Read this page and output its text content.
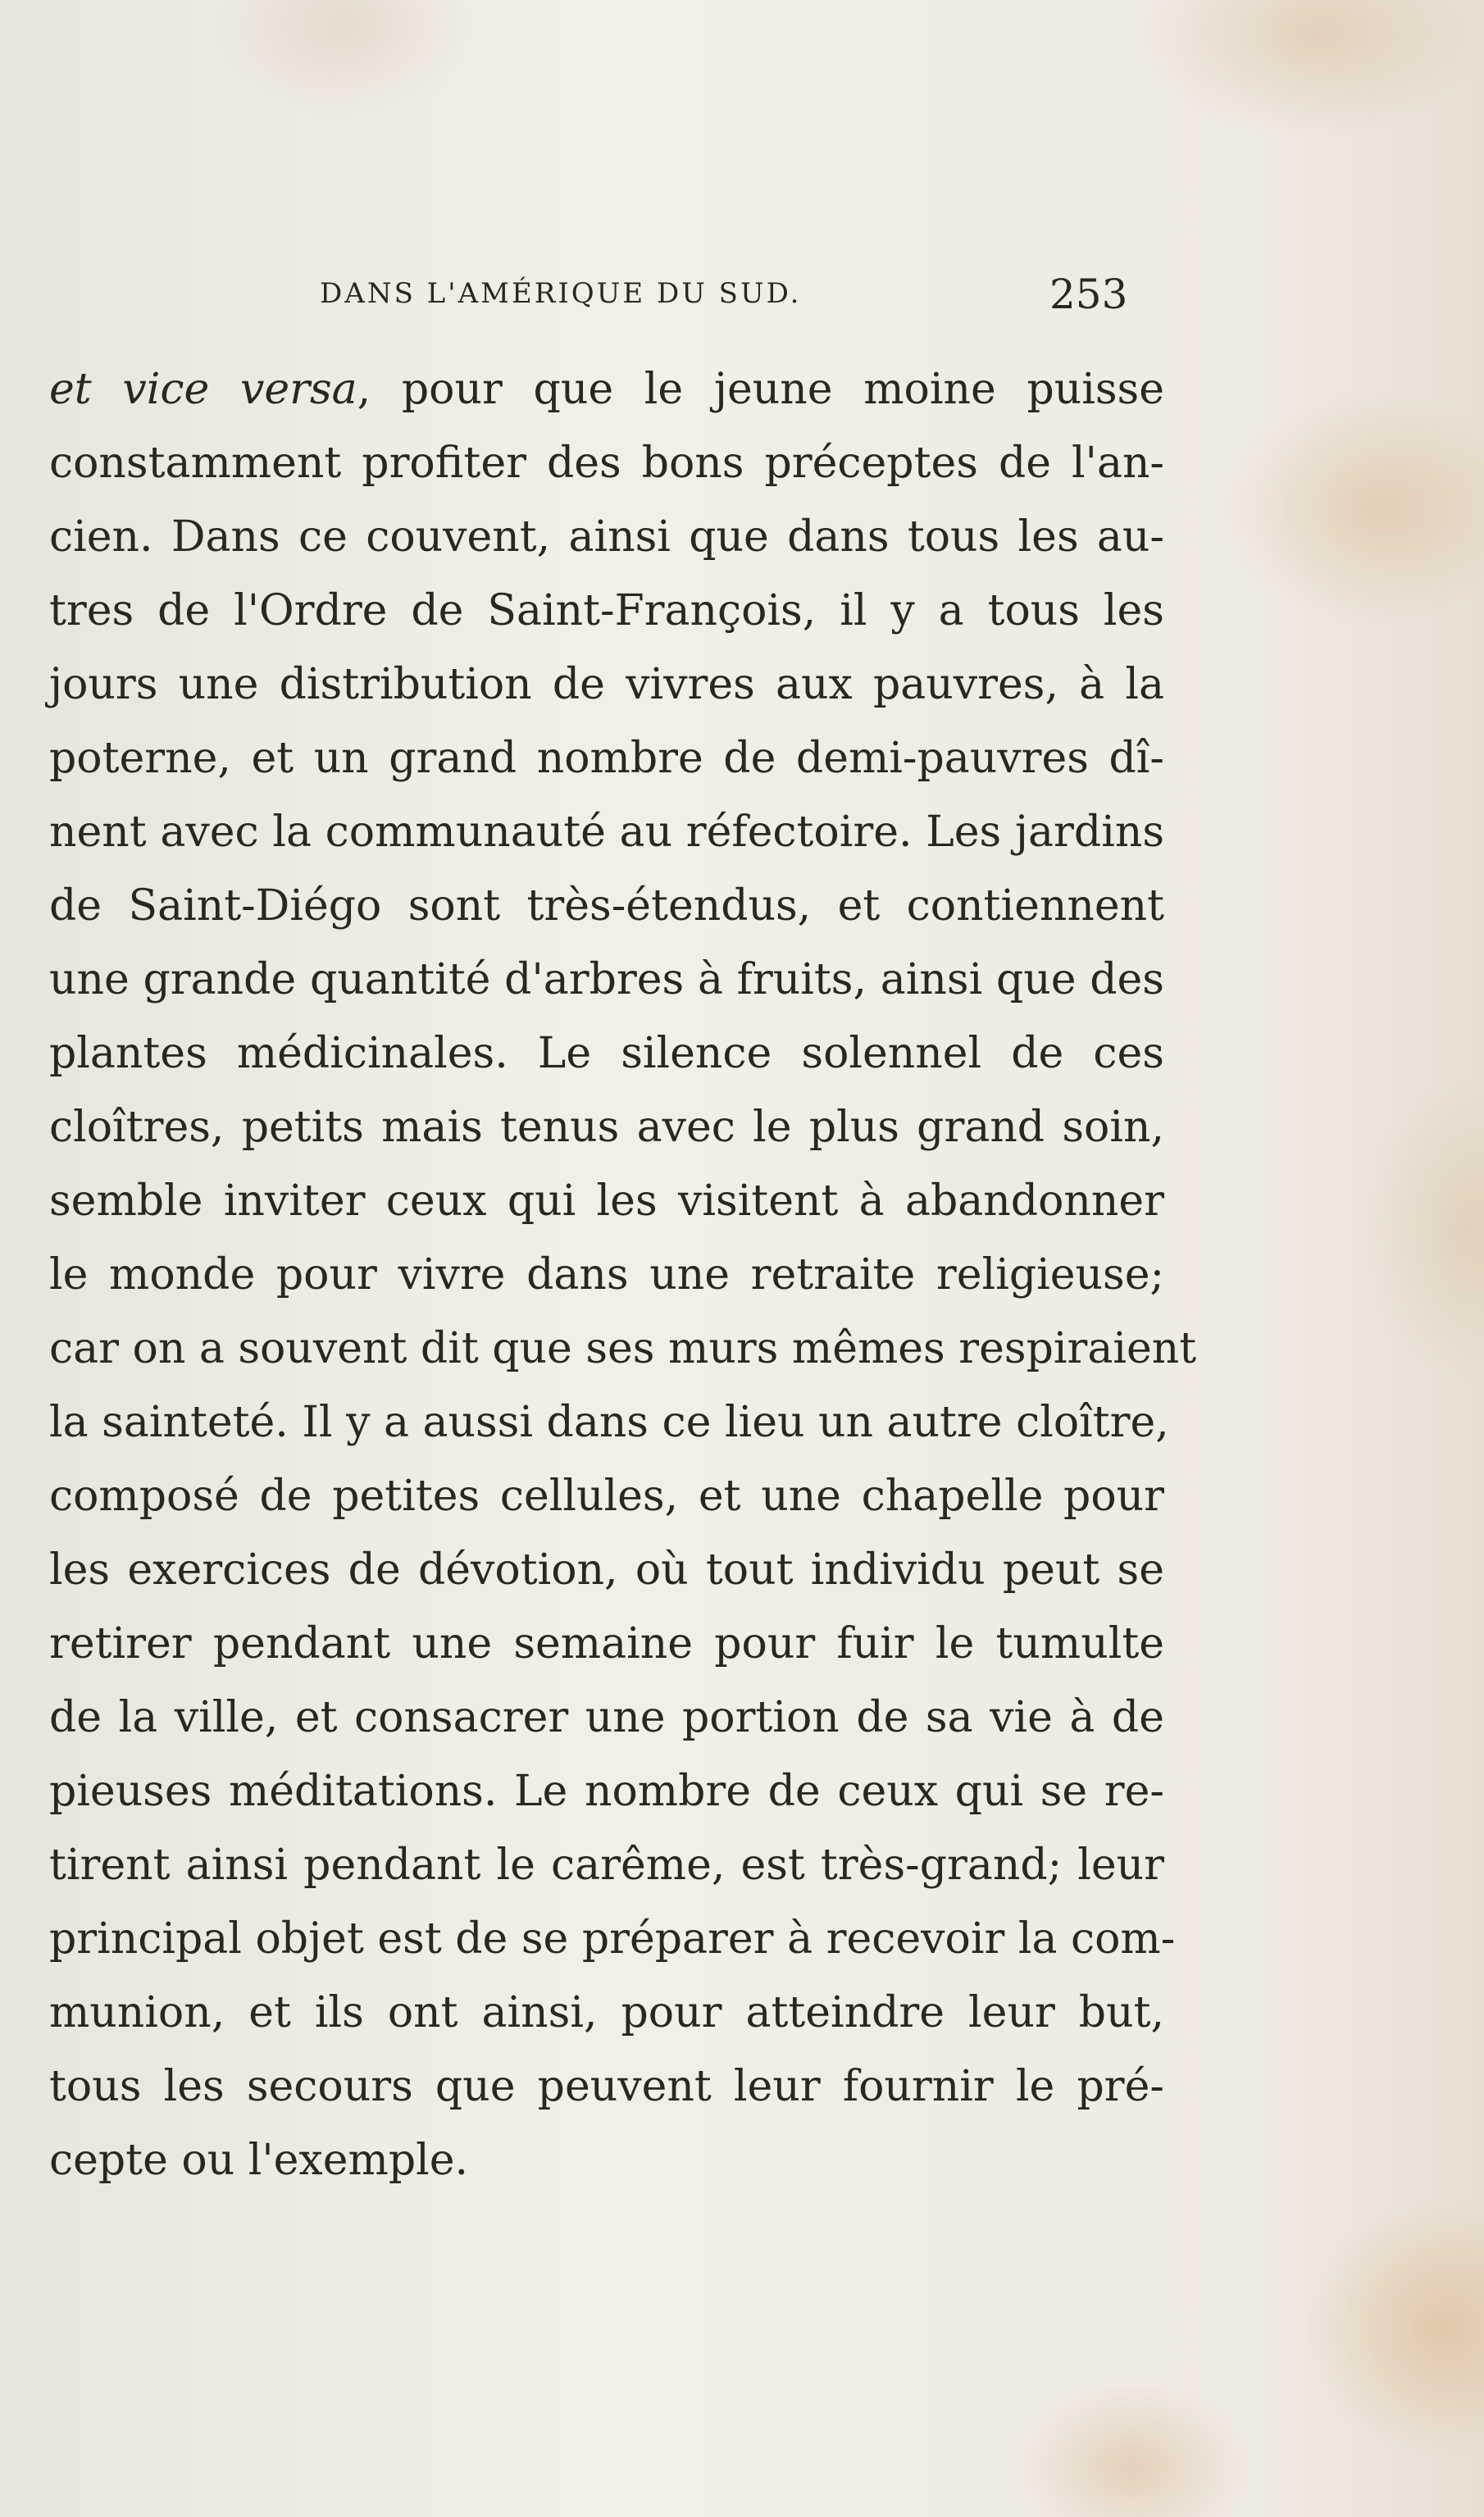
DANS L'AMÉRIQUE DU SUD.	253
et vice versa, pour que le jeune moine puisse
constamment profiter des bons préceptes de l'an-
cien. Dans ce couvent, ainsi que dans tous les au-
tres de l'Ordre de Saint-François, il y a tous les
jours une distribution de vivres aux pauvres, à la
poterne, et un grand nombre de demi-pauvres dî-
nent avec la communauté au réfectoire. Les jardins
de Saint-Diégo sont très-étendus, et contiennent
une grande quantité d'arbres à fruits, ainsi que des
plantes médicinales. Le silence solennel de ces
cloîtres, petits mais tenus avec le plus grand soin,
semble inviter ceux qui les visitent à abandonner
le monde pour vivre dans une retraite religieuse;
car on a souvent dit que ses murs mêmes respiraient
la sainteté. Il y a aussi dans ce lieu un autre cloître,
composé de petites cellules, et une chapelle pour
les exercices de dévotion, où tout individu peut se
retirer pendant une semaine pour fuir le tumulte
de la ville, et consacrer une portion de sa vie à de
pieuses méditations. Le nombre de ceux qui se re-
tirent ainsi pendant le carême, est très-grand; leur
principal objet est de se préparer à recevoir la com-
munion, et ils ont ainsi, pour atteindre leur but,
tous les secours que peuvent leur fournir le pré-
cepte ou l'exemple.
